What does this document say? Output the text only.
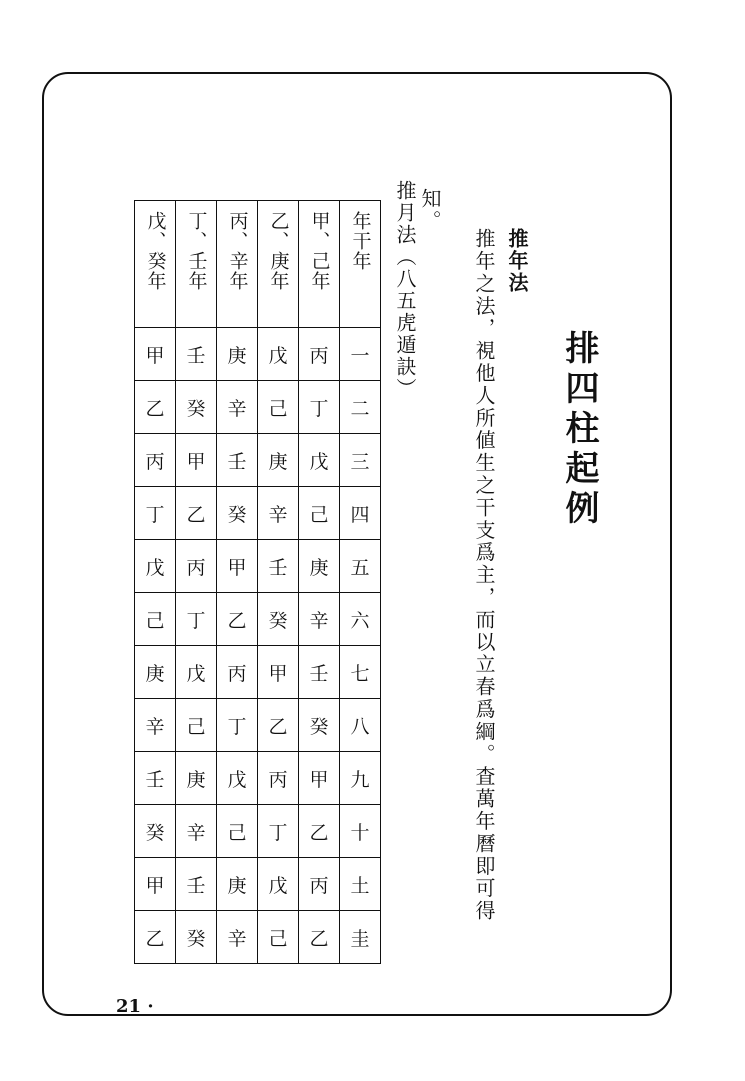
排四柱起例
推年法
推年之法，視他人所値生之干支爲主，而以立春爲綱。査萬年曆即可得
知。
推月法（八五虎遁訣）
戊、癸年	丁、壬年	丙、辛年	乙、庚年	甲、己年	年干年
甲	壬	庚	戊	丙	一
乙	癸	辛	己	丁	二
丙	甲	壬	庚	戊	三
丁	乙	癸	辛	己	四
戊	丙	甲	壬	庚	五
己	丁	乙	癸	辛	六
庚	戊	丙	甲	壬	七
辛	己	丁	乙	癸	八
壬	庚	戊	丙	甲	九
癸	辛	己	丁	乙	十
甲	壬	庚	戊	丙	土
乙	癸	辛	己	乙	圭
21 ·
